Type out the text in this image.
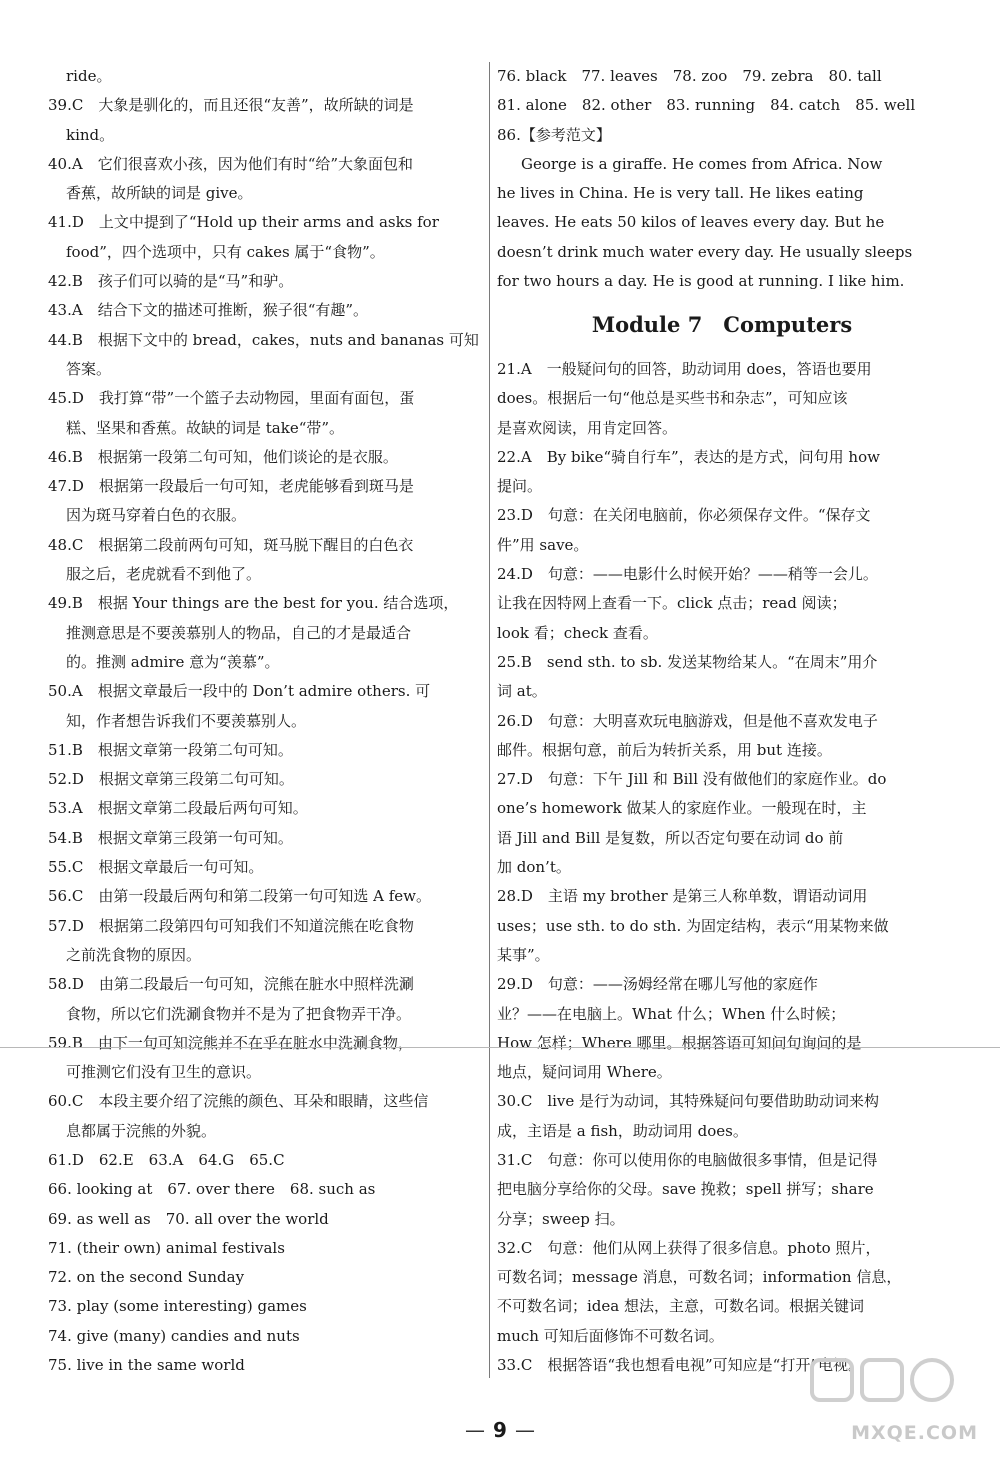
ride。
39.C　大象是驯化的，而且还很“友善”，故所缺的词是
kind。
40.A　它们很喜欢小孩，因为他们有时“给”大象面包和
香蕉，故所缺的词是 give。
41.D　上文中提到了“Hold up their arms and asks for
food”，四个选项中，只有 cakes 属于“食物”。
42.B　孩子们可以骑的是“马”和驴。
43.A　结合下文的描述可推断，猴子很“有趣”。
44.B　根据下文中的 bread，cakes，nuts and bananas 可知
答案。
45.D　我打算“带”一个篮子去动物园，里面有面包，蛋
糕、坚果和香蕉。故缺的词是 take“带”。
46.B　根据第一段第二句可知，他们谈论的是衣服。
47.D　根据第一段最后一句可知，老虎能够看到斑马是
因为斑马穿着白色的衣服。
48.C　根据第二段前两句可知，斑马脱下醒目的白色衣
服之后，老虎就看不到他了。
49.B　根据 Your things are the best for you. 结合选项，
推测意思是不要羡慕别人的物品，自己的才是最适合
的。推测 admire 意为“羡慕”。
50.A　根据文章最后一段中的 Don’t admire others. 可
知，作者想告诉我们不要羡慕别人。
51.B　根据文章第一段第二句可知。
52.D　根据文章第三段第二句可知。
53.A　根据文章第二段最后两句可知。
54.B　根据文章第三段第一句可知。
55.C　根据文章最后一句可知。
56.C　由第一段最后两句和第二段第一句可知选 A few。
57.D　根据第二段第四句可知我们不知道浣熊在吃食物
之前洗食物的原因。
58.D　由第二段最后一句可知，浣熊在脏水中照样洗涮
食物，所以它们洗涮食物并不是为了把食物弄干净。
59.B　由下一句可知浣熊并不在乎在脏水中洗涮食物，
可推测它们没有卫生的意识。
60.C　本段主要介绍了浣熊的颜色、耳朵和眼睛，这些信
息都属于浣熊的外貌。
61.D　62.E　63.A　64.G　65.C
66. looking at　67. over there　68. such as
69. as well as　70. all over the world
71. (their own) animal festivals
72. on the second Sunday
73. play (some interesting) games
74. give (many) candies and nuts
75. live in the same world
76. black　77. leaves　78. zoo　79. zebra　80. tall
81. alone　82. other　83. running　84. catch　85. well
86.【参考范文】
George is a giraffe. He comes from Africa. Now
he lives in China. He is very tall. He likes eating
leaves. He eats 50 kilos of leaves every day. But he
doesn’t drink much water every day. He usually sleeps
for two hours a day. He is good at running. I like him.
Module 7　Computers
21.A　一般疑问句的回答，助动词用 does，答语也要用
does。根据后一句“他总是买些书和杂志”，可知应该
是喜欢阅读，用肯定回答。
22.A　By bike“骑自行车”，表达的是方式，问句用 how
提问。
23.D　句意：在关闭电脑前，你必须保存文件。“保存文
件”用 save。
24.D　句意：——电影什么时候开始？——稍等一会儿。
让我在因特网上查看一下。click 点击；read 阅读；
look 看；check 查看。
25.B　send sth. to sb. 发送某物给某人。“在周末”用介
词 at。
26.D　句意：大明喜欢玩电脑游戏，但是他不喜欢发电子
邮件。根据句意，前后为转折关系，用 but 连接。
27.D　句意：下午 Jill 和 Bill 没有做他们的家庭作业。do
one’s homework 做某人的家庭作业。一般现在时，主
语 Jill and Bill 是复数，所以否定句要在动词 do 前
加 don’t。
28.D　主语 my brother 是第三人称单数，谓语动词用
uses；use sth. to do sth. 为固定结构，表示“用某物来做
某事”。
29.D　句意：——汤姆经常在哪儿写他的家庭作
业？——在电脑上。What 什么；When 什么时候；
How 怎样；Where 哪里。根据答语可知问句询问的是
地点，疑问词用 Where。
30.C　live 是行为动词，其特殊疑问句要借助助动词来构
成，主语是 a fish，助动词用 does。
31.C　句意：你可以使用你的电脑做很多事情，但是记得
把电脑分享给你的父母。save 挽救；spell 拼写；share
分享；sweep 扫。
32.C　句意：他们从网上获得了很多信息。photo 照片，
可数名词；message 消息，可数名词；information 信息，
不可数名词；idea 想法，主意，可数名词。根据关键词
much 可知后面修饰不可数名词。
33.C　根据答语“我也想看电视”可知应是“打开”电视。
— 9 —	MXQE.COM
